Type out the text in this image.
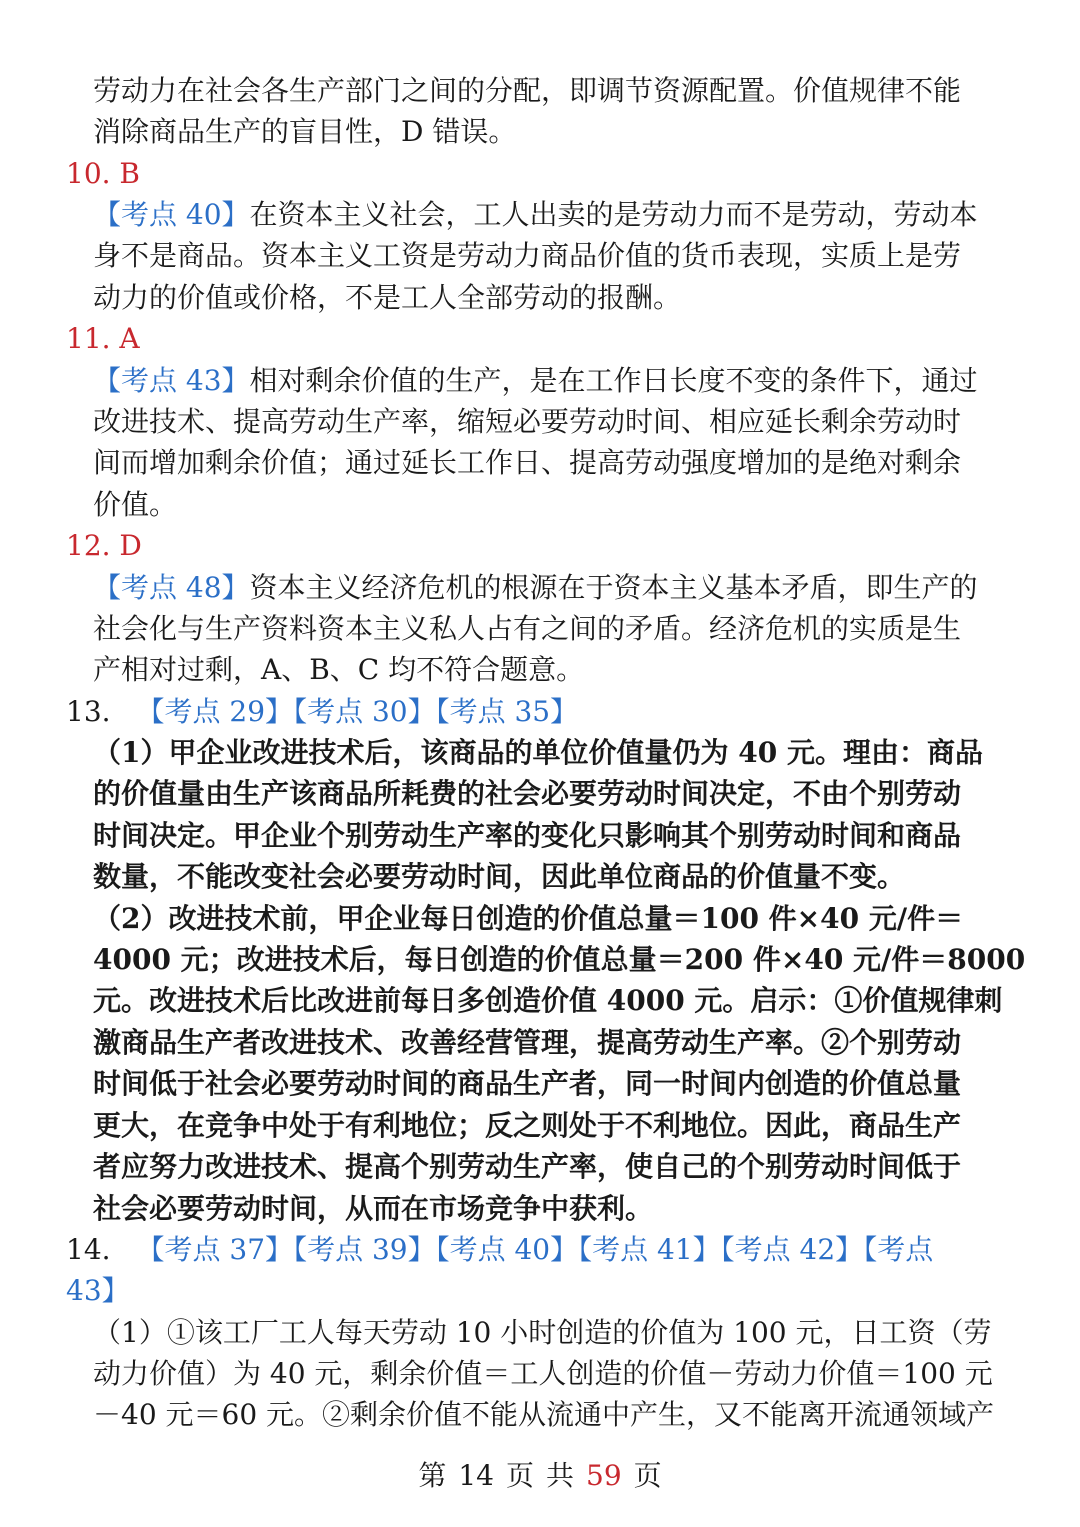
劳动力在社会各生产部门之间的分配，即调节资源配置。价值规律不能
消除商品生产的盲目性，D 错误。
10. B
【考点 40】在资本主义社会，工人出卖的是劳动力而不是劳动，劳动本
身不是商品。资本主义工资是劳动力商品价值的货币表现，实质上是劳
动力的价值或价格，不是工人全部劳动的报酬。
11. A
【考点 43】相对剩余价值的生产，是在工作日长度不变的条件下，通过
改进技术、提高劳动生产率，缩短必要劳动时间、相应延长剩余劳动时
间而增加剩余价值；通过延长工作日、提高劳动强度增加的是绝对剩余
价值。
12. D
【考点 48】资本主义经济危机的根源在于资本主义基本矛盾，即生产的
社会化与生产资料资本主义私人占有之间的矛盾。经济危机的实质是生
产相对过剩，A、B、C 均不符合题意。
13. 【考点 29】【考点 30】【考点 35】
（1）甲企业改进技术后，该商品的单位价值量仍为 40 元。理由：商品
的价值量由生产该商品所耗费的社会必要劳动时间决定，不由个别劳动
时间决定。甲企业个别劳动生产率的变化只影响其个别劳动时间和商品
数量，不能改变社会必要劳动时间，因此单位商品的价值量不变。
（2）改进技术前，甲企业每日创造的价值总量＝100 件×40 元/件＝
4000 元；改进技术后，每日创造的价值总量＝200 件×40 元/件＝8000
元。改进技术后比改进前每日多创造价值 4000 元。启示：①价值规律刺
激商品生产者改进技术、改善经营管理，提高劳动生产率。②个别劳动
时间低于社会必要劳动时间的商品生产者，同一时间内创造的价值总量
更大，在竞争中处于有利地位；反之则处于不利地位。因此，商品生产
者应努力改进技术、提高个别劳动生产率，使自己的个别劳动时间低于
社会必要劳动时间，从而在市场竞争中获利。
14. 【考点 37】【考点 39】【考点 40】【考点 41】【考点 42】【考点
43】
（1）①该工厂工人每天劳动 10 小时创造的价值为 100 元，日工资（劳
动力价值）为 40 元，剩余价值＝工人创造的价值－劳动力价值＝100 元
－40 元＝60 元。②剩余价值不能从流通中产生，又不能离开流通领域产
第 14 页 共 59 页
